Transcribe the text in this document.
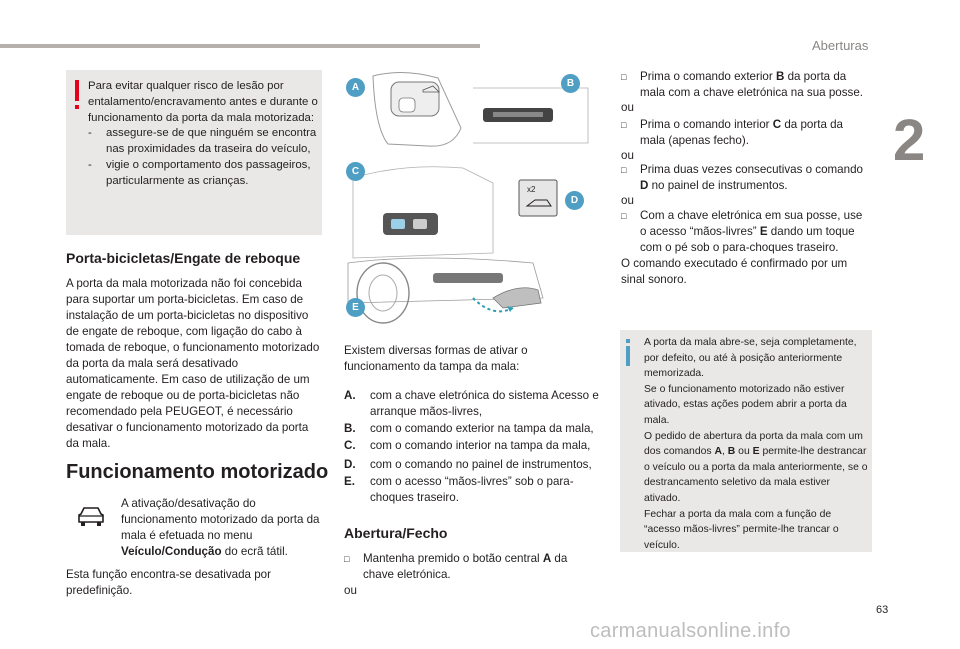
Aberturas
2
63
carmanualsonline.info

Para evitar qualquer risco de lesão por entalamento/encravamento antes e durante o funcionamento da porta da mala motorizada:

- assegure-se de que ninguém se encontra nas proximidades da traseira do veículo,

- vigie o comportamento dos passageiros, particularmente as crianças.

Porta-bicicletas/Engate de reboque

A porta da mala motorizada não foi concebida para suportar um porta-bicicletas. Em caso de instalação de um porta-bicicletas no dispositivo de engate de reboque, com ligação do cabo à tomada de reboque, o funcionamento motorizado da porta da mala será desativado automaticamente. Em caso de utilização de um engate de reboque ou de porta-bicicletas não recomendado pela PEUGEOT, é necessário desativar o funcionamento motorizado da porta da mala.

Funcionamento motorizado
A ativação/desativação do funcionamento motorizado da porta da mala é efetuada no menu Veículo/Condução do ecrã tátil.

Esta função encontra-se desativada por predefinição.

x2
A	B
C
D
E

Existem diversas formas de ativar o funcionamento da tampa da mala:

A.	com a chave eletrónica do sistema Acesso e arranque mãos-livres,
B.	com o comando exterior na tampa da mala,
C.	com o comando interior na tampa da mala,
D.	com o comando no painel de instrumentos,
E.	com o acesso “mãos-livres” sob o para-choques traseiro.
Abertura/Fecho
□	Mantenha premido o botão central A da chave eletrónica.
ou
□	Prima o comando exterior B da porta da mala com a chave eletrónica na sua posse.
ou
□	Prima o comando interior C da porta da mala (apenas fecho).
ou
□	Prima duas vezes consecutivas o comando D no painel de instrumentos.
ou
□	Com a chave eletrónica em sua posse, use o acesso “mãos-livres” E dando um toque com o pé sob o para-choques traseiro.

O comando executado é confirmado por um sinal sonoro.

A porta da mala abre-se, seja completamente, por defeito, ou até à posição anteriormente memorizada.
Se o funcionamento motorizado não estiver ativado, estas ações podem abrir a porta da mala.
O pedido de abertura da porta da mala com um dos comandos A, B ou E permite-lhe destrancar o veículo ou a porta da mala anteriormente, se o destrancamento seletivo da mala estiver ativado.
Fechar a porta da mala com a função de “acesso mãos-livres” permite-lhe trancar o veículo.
